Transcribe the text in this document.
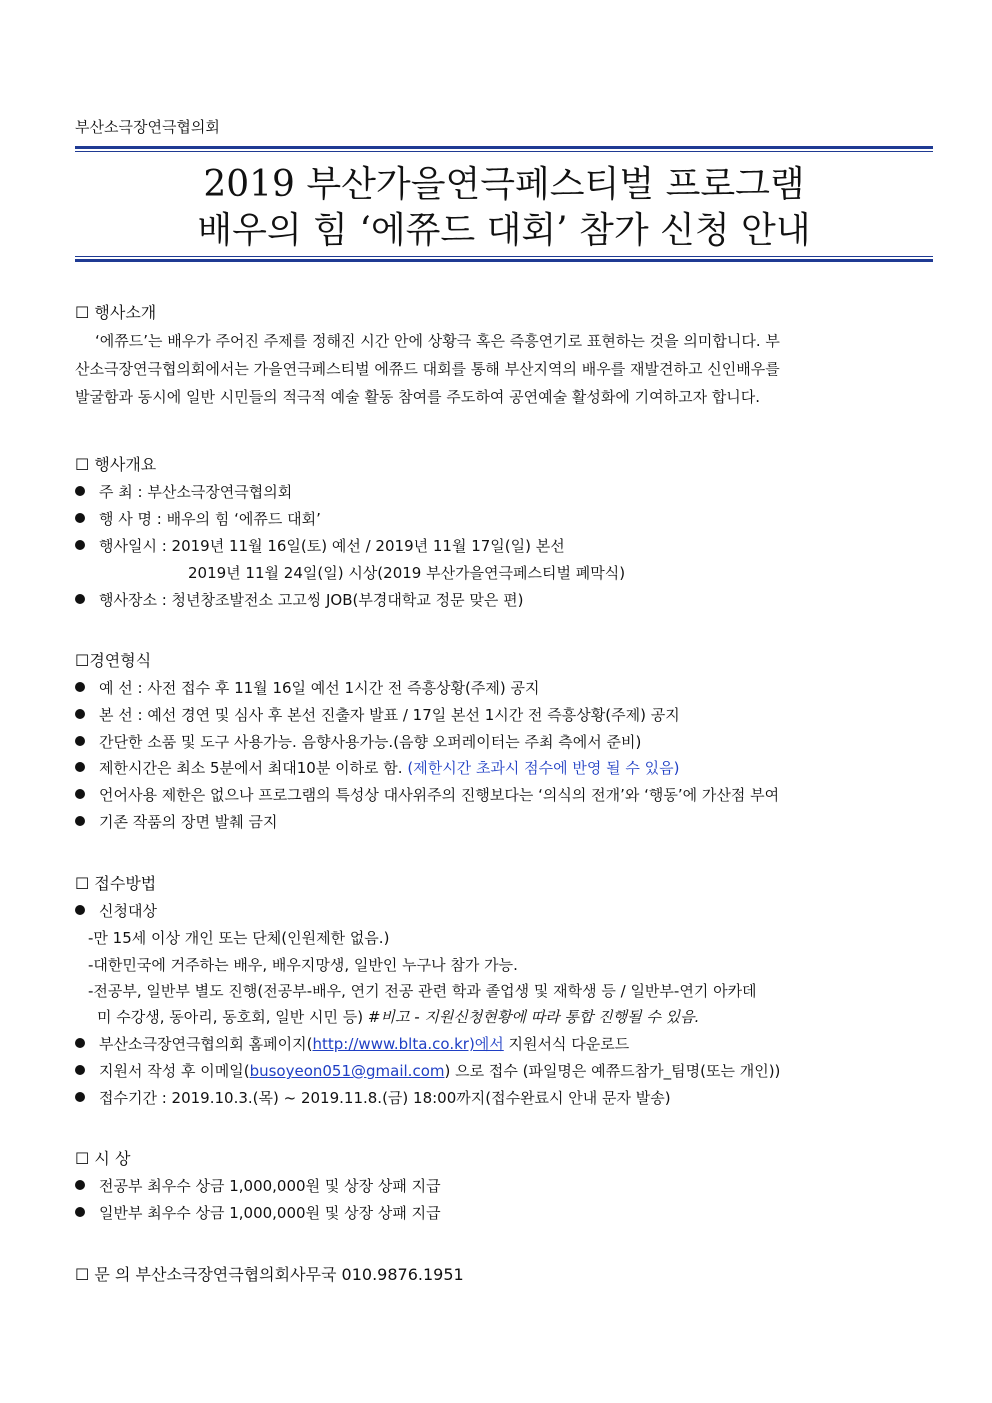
부산소극장연극협의회
2019 부산가을연극페스티벌 프로그램
배우의 힘 ‘에쮸드 대회’ 참가 신청 안내
☐ 행사소개
‘에쮸드’는 배우가 주어진 주제를 정해진 시간 안에 상황극 혹은 즉흥연기로 표현하는 것을 의미합니다. 부
산소극장연극협의회에서는 가을연극페스티벌 에쮸드 대회를 통해 부산지역의 배우를 재발견하고 신인배우를
발굴함과 동시에 일반 시민들의 적극적 예술 활동 참여를 주도하여 공연예술 활성화에 기여하고자 합니다.
☐ 행사개요
주 최 : 부산소극장연극협의회
행 사 명 : 배우의 힘 ‘에쮸드 대회’
행사일시 : 2019년 11월 16일(토) 예선 / 2019년 11월 17일(일) 본선
2019년 11월 24일(일) 시상(2019 부산가을연극페스티벌 폐막식)
행사장소 : 청년창조발전소 고고씽 JOB(부경대학교 정문 맞은 편)
☐경연형식
예 선 : 사전 접수 후 11월 16일 예선 1시간 전 즉흥상황(주제) 공지
본 선 : 예선 경연 및 심사 후 본선 진출자 발표 / 17일 본선 1시간 전 즉흥상황(주제) 공지
간단한 소품 및 도구 사용가능. 음향사용가능.(음향 오퍼레이터는 주최 측에서 준비)
제한시간은 최소 5분에서 최대10분 이하로 함. (제한시간 초과시 점수에 반영 될 수 있음)
언어사용 제한은 없으나 프로그램의 특성상 대사위주의 진행보다는 ‘의식의 전개’와 ‘행동’에 가산점 부여
기존 작품의 장면 발췌 금지
☐ 접수방법
신청대상
-만 15세 이상 개인 또는 단체(인원제한 없음.)
-대한민국에 거주하는 배우, 배우지망생, 일반인 누구나 참가 가능.
-전공부, 일반부 별도 진행(전공부-배우, 연기 전공 관련 학과 졸업생 및 재학생 등 / 일반부-연기 아카데
미 수강생, 동아리, 동호회, 일반 시민 등) #비고 - 지원신청현황에 따라 통합 진행될 수 있음.
부산소극장연극협의회 홈페이지(http://www.blta.co.kr)에서 지원서식 다운로드
지원서 작성 후 이메일(busoyeon051@gmail.com) 으로 접수 (파일명은 예쮸드참가_팀명(또는 개인))
접수기간 : 2019.10.3.(목) ~ 2019.11.8.(금) 18:00까지(접수완료시 안내 문자 발송)
☐ 시 상
전공부 최우수 상금 1,000,000원 및 상장 상패 지급
일반부 최우수 상금 1,000,000원 및 상장 상패 지급
☐ 문 의 부산소극장연극협의회사무국 010.9876.1951
